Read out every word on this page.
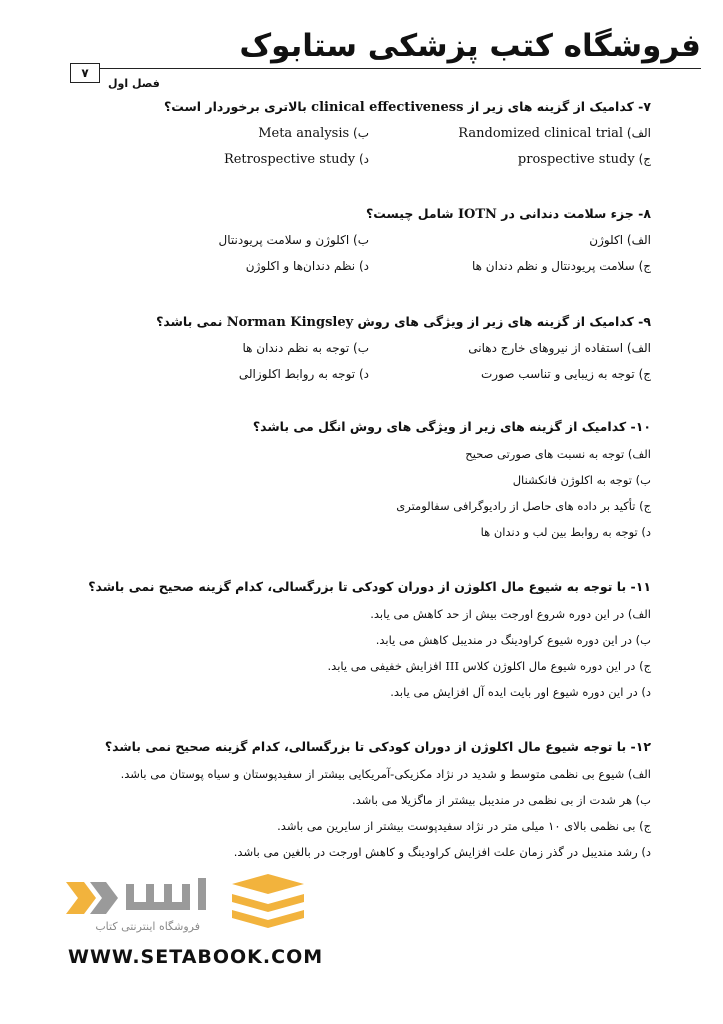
فروشگاه کتب پزشکی ستابوک
۷
فصل اول

۷- کدامیک از گزینه های زیر از clinical effectiveness بالاتری برخوردار است؟

الف) Randomized clinical trial
ب) Meta analysis
ج) prospective study
د) Retrospective study

۸- جزء سلامت دندانی در IOTN شامل چیست؟

الف) اکلوژن
ب) اکلوژن و سلامت پریودنتال
ج) سلامت پریودنتال و نظم دندان ها
د) نظم دندان‌ها و اکلوژن

۹- کدامیک از گزینه های زیر از ویژگی های روش Norman Kingsley نمی باشد؟

الف) استفاده از نیروهای خارج دهانی
ب) توجه به نظم دندان ها
ج) توجه به زیبایی و تناسب صورت
د) توجه به روابط اکلوزالی

۱۰- کدامیک از گزینه های زیر از ویژگی های روش انگل می باشد؟

الف) توجه به نسبت های صورتی صحیح
ب) توجه به اکلوژن فانکشنال
ج) تأکید بر داده های حاصل از رادیوگرافی سفالومتری
د) توجه به روابط بین لب و دندان ها

۱۱- با توجه به شیوع مال اکلوژن از دوران کودکی تا بزرگسالی، کدام گزینه صحیح نمی باشد؟

الف) در این دوره شروع اورجت بیش از حد کاهش می یابد.
ب) در این دوره شیوع کراودینگ در مندیبل کاهش می یابد.
ج) در این دوره شیوع مال اکلوژن کلاس III افزایش خفیفی می یابد.
د) در این دوره شیوع اور بایت ایده آل افزایش می یابد.

۱۲- با توجه شیوع مال اکلوژن از دوران کودکی تا بزرگسالی، کدام گزینه صحیح نمی باشد؟

الف) شیوع بی نظمی متوسط و شدید در نژاد مکزیکی-آمریکایی بیشتر از سفیدپوستان و سیاه پوستان می باشد.
ب) هر شدت از بی نظمی در مندیبل بیشتر از ماگزیلا می باشد.
ج) بی نظمی بالای ۱۰ میلی متر در نژاد سفیدپوست بیشتر از سایرین می باشد.
د) رشد مندیبل در گذر زمان علت افزایش کراودینگ و کاهش اورجت در بالغین می باشد.
فروشگاه اینترنتی کتاب
WWW.SETABOOK.COM
